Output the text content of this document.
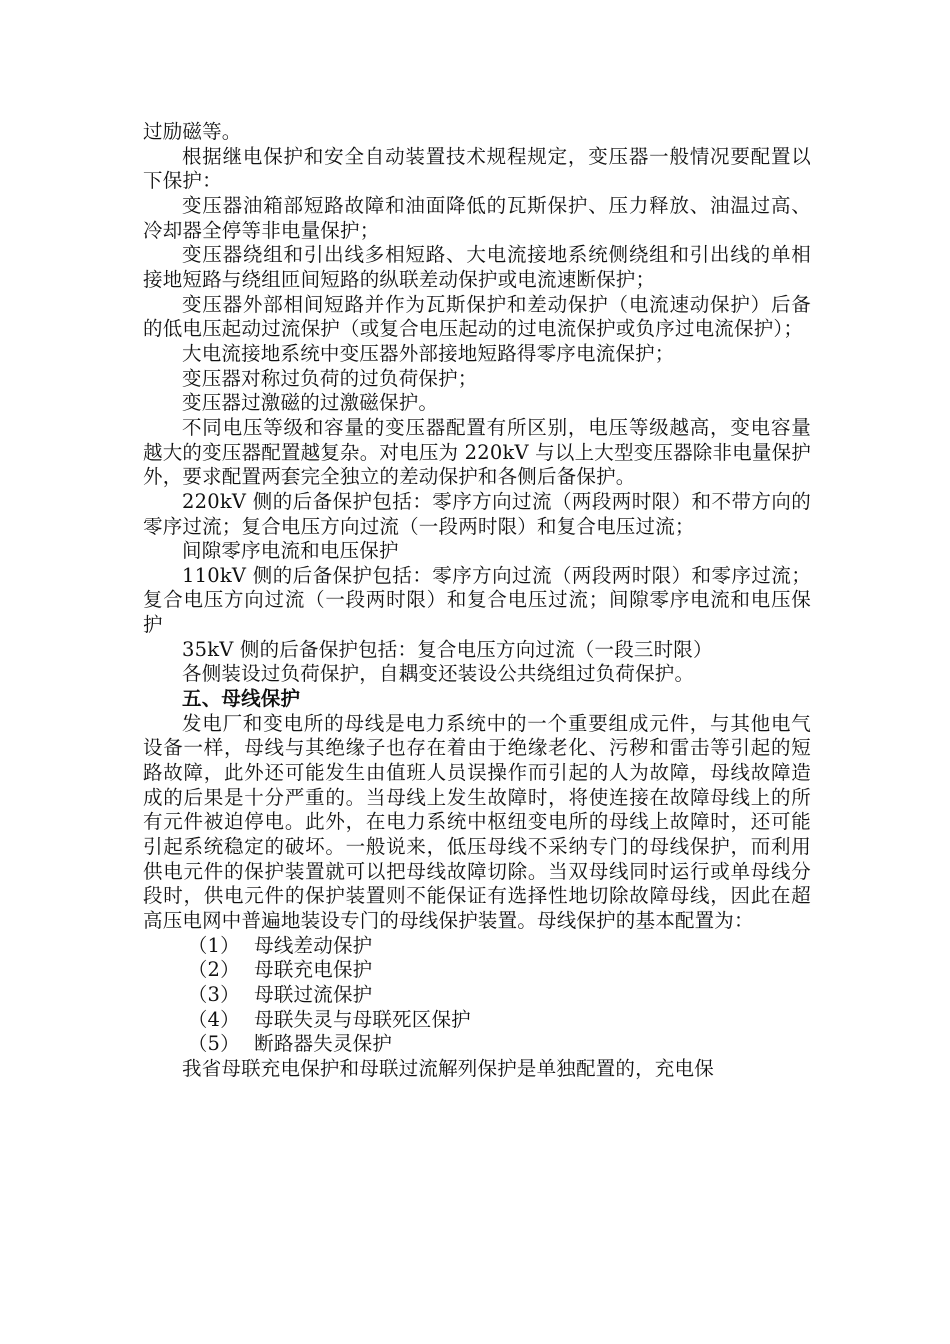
过励磁等。

根据继电保护和安全自动装置技术规程规定，变压器一般情况要配置以下保护：

变压器油箱部短路故障和油面降低的瓦斯保护、压力释放、油温过高、冷却器全停等非电量保护；

变压器绕组和引出线多相短路、大电流接地系统侧绕组和引出线的单相接地短路与绕组匝间短路的纵联差动保护或电流速断保护；

变压器外部相间短路并作为瓦斯保护和差动保护（电流速动保护）后备的低电压起动过流保护（或复合电压起动的过电流保护或负序过电流保护）；

大电流接地系统中变压器外部接地短路得零序电流保护；

变压器对称过负荷的过负荷保护；

变压器过激磁的过激磁保护。

不同电压等级和容量的变压器配置有所区别，电压等级越高，变电容量越大的变压器配置越复杂。对电压为 220kV 与以上大型变压器除非电量保护外，要求配置两套完全独立的差动保护和各侧后备保护。

220kV 侧的后备保护包括：零序方向过流（两段两时限）和不带方向的零序过流；复合电压方向过流（一段两时限）和复合电压过流；

间隙零序电流和电压保护

110kV 侧的后备保护包括：零序方向过流（两段两时限）和零序过流；复合电压方向过流（一段两时限）和复合电压过流；间隙零序电流和电压保护

35kV 侧的后备保护包括：复合电压方向过流（一段三时限）

各侧装设过负荷保护，自耦变还装设公共绕组过负荷保护。

五、母线保护

发电厂和变电所的母线是电力系统中的一个重要组成元件，与其他电气设备一样，母线与其绝缘子也存在着由于绝缘老化、污秽和雷击等引起的短路故障，此外还可能发生由值班人员误操作而引起的人为故障，母线故障造成的后果是十分严重的。当母线上发生故障时，将使连接在故障母线上的所有元件被迫停电。此外，在电力系统中枢纽变电所的母线上故障时，还可能引起系统稳定的破坏。一般说来，低压母线不采纳专门的母线保护，而利用供电元件的保护装置就可以把母线故障切除。当双母线同时运行或单母线分段时，供电元件的保护装置则不能保证有选择性地切除故障母线，因此在超高压电网中普遍地装设专门的母线保护装置。母线保护的基本配置为：

（1） 母线差动保护
（2） 母联充电保护
（3） 母联过流保护
（4） 母联失灵与母联死区保护
（5） 断路器失灵保护

我省母联充电保护和母联过流解列保护是单独配置的，充电保
